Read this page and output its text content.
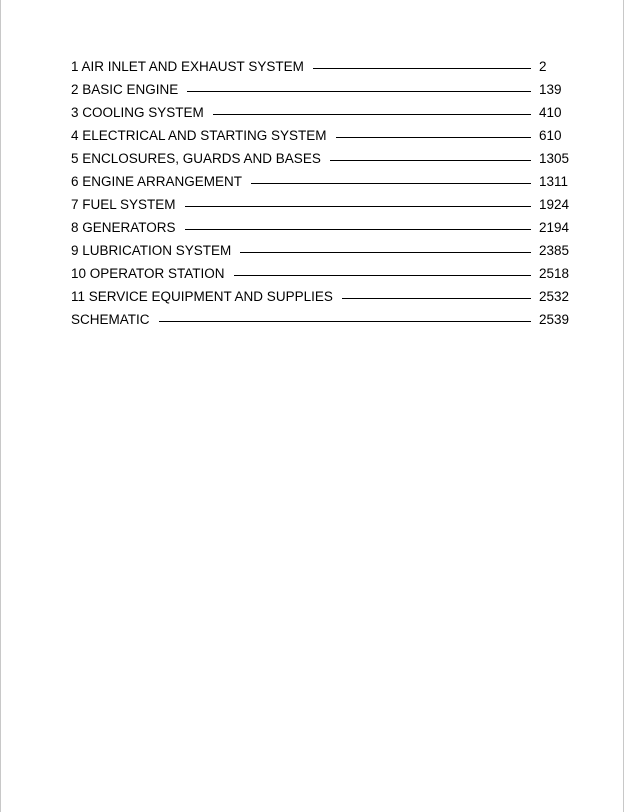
1 AIR INLET AND EXHAUST SYSTEM	2
2 BASIC ENGINE	139
3 COOLING SYSTEM	410
4 ELECTRICAL AND STARTING SYSTEM	610
5 ENCLOSURES, GUARDS AND BASES	1305
6 ENGINE ARRANGEMENT	1311
7 FUEL SYSTEM	1924
8 GENERATORS	2194
9 LUBRICATION SYSTEM	2385
10 OPERATOR STATION	2518
11 SERVICE EQUIPMENT AND SUPPLIES	2532
SCHEMATIC	2539
